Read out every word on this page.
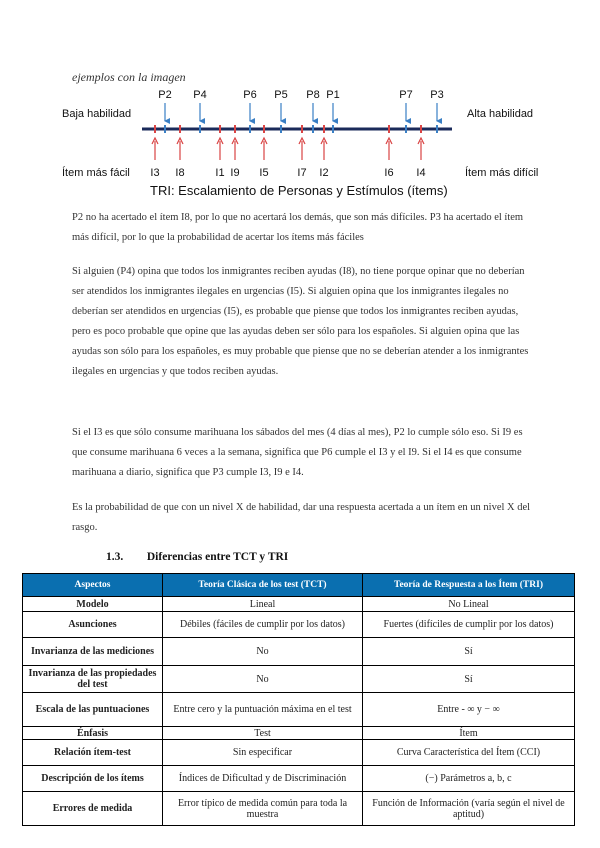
ejemplos con la imagen
Baja habilidad	Alta habilidad
P2 P4	P6 P5 P8 P1	P7 P3
I3 I8	I1 I9 I5	I7 I2	I6 I4
Ítem más fácil	Ítem más difícil
TRI: Escalamiento de Personas y Estímulos (ítems)
P2 no ha acertado el ítem I8, por lo que no acertará los demás, que son más difíciles. P3 ha acertado el ítem más difícil, por lo que la probabilidad de acertar los ítems más fáciles
Si alguien (P4) opina que todos los inmigrantes reciben ayudas (I8), no tiene porque opinar que no deberían ser atendidos los inmigrantes ilegales en urgencias (I5). Si alguien opina que los inmigrantes ilegales no deberían ser atendidos en urgencias (I5), es probable que piense que todos los inmigrantes reciben ayudas, pero es poco probable que opine que las ayudas deben ser sólo para los españoles. Si alguien opina que las ayudas son sólo para los españoles, es muy probable que piense que no se deberían atender a los inmigrantes ilegales en urgencias y que todos reciben ayudas.
Si el I3 es que sólo consume marihuana los sábados del mes (4 días al mes), P2 lo cumple sólo eso. Si I9 es que consume marihuana 6 veces a la semana, significa que P6 cumple el I3 y el I9. Si el I4 es que consume marihuana a diario, significa que P3 cumple I3, I9 e I4.
Es la probabilidad de que con un nivel X de habilidad, dar una respuesta acertada a un ítem en un nivel X del rasgo.
1.3. Diferencias entre TCT y TRI
Aspectos	Teoría Clásica de los test (TCT)	Teoría de Respuesta a los Ítem (TRI)
Modelo	Lineal	No Lineal
Asunciones	Débiles (fáciles de cumplir por los datos)	Fuertes (difíciles de cumplir por los datos)
Invarianza de las mediciones	No	Sí
Invarianza de las propiedades del test	No	Sí
Escala de las puntuaciones	Entre cero y la puntuación máxima en el test	Entre - ∞ y − ∞
Énfasis	Test	Ítem
Relación ítem-test	Sin especificar	Curva Característica del Ítem (CCI)
Descripción de los ítems	Índices de Dificultad y de Discriminación	(−) Parámetros a, b, c
Errores de medida	Error típico de medida común para toda la muestra	Función de Información (varía según el nivel de aptitud)
